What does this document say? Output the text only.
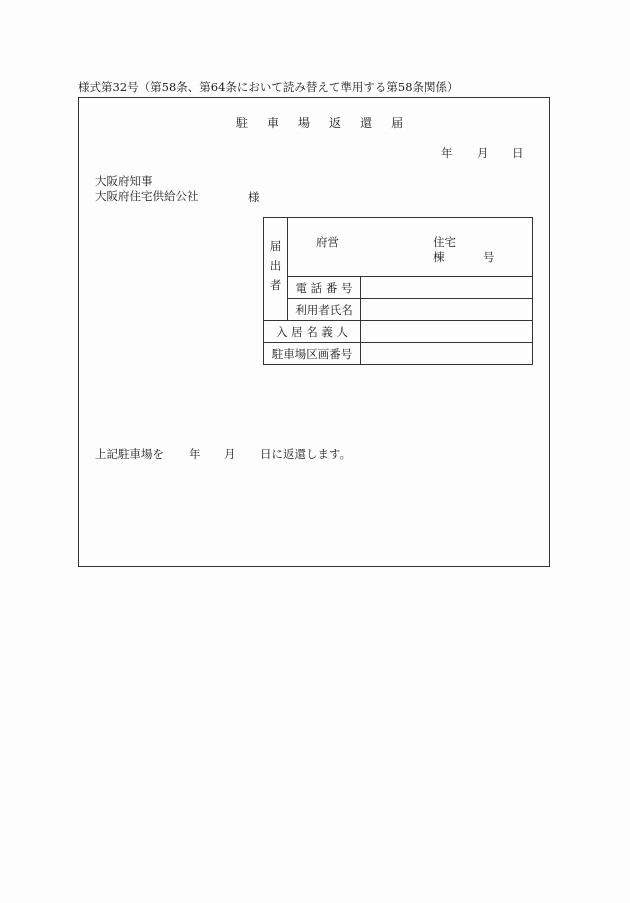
様式第32号（第58条、第64条において読み替えて準用する第58条関係）
駐 車 場 返 還 届
年 月 日
大阪府知事
大阪府住宅供給公社	様
届出者	府営 住宅
棟 号	

	電 話 番 号	
	利用者氏名	
入 居 名 義 人		
駐車場区画番号		
上記駐車場を 年 月 日に返還します。
